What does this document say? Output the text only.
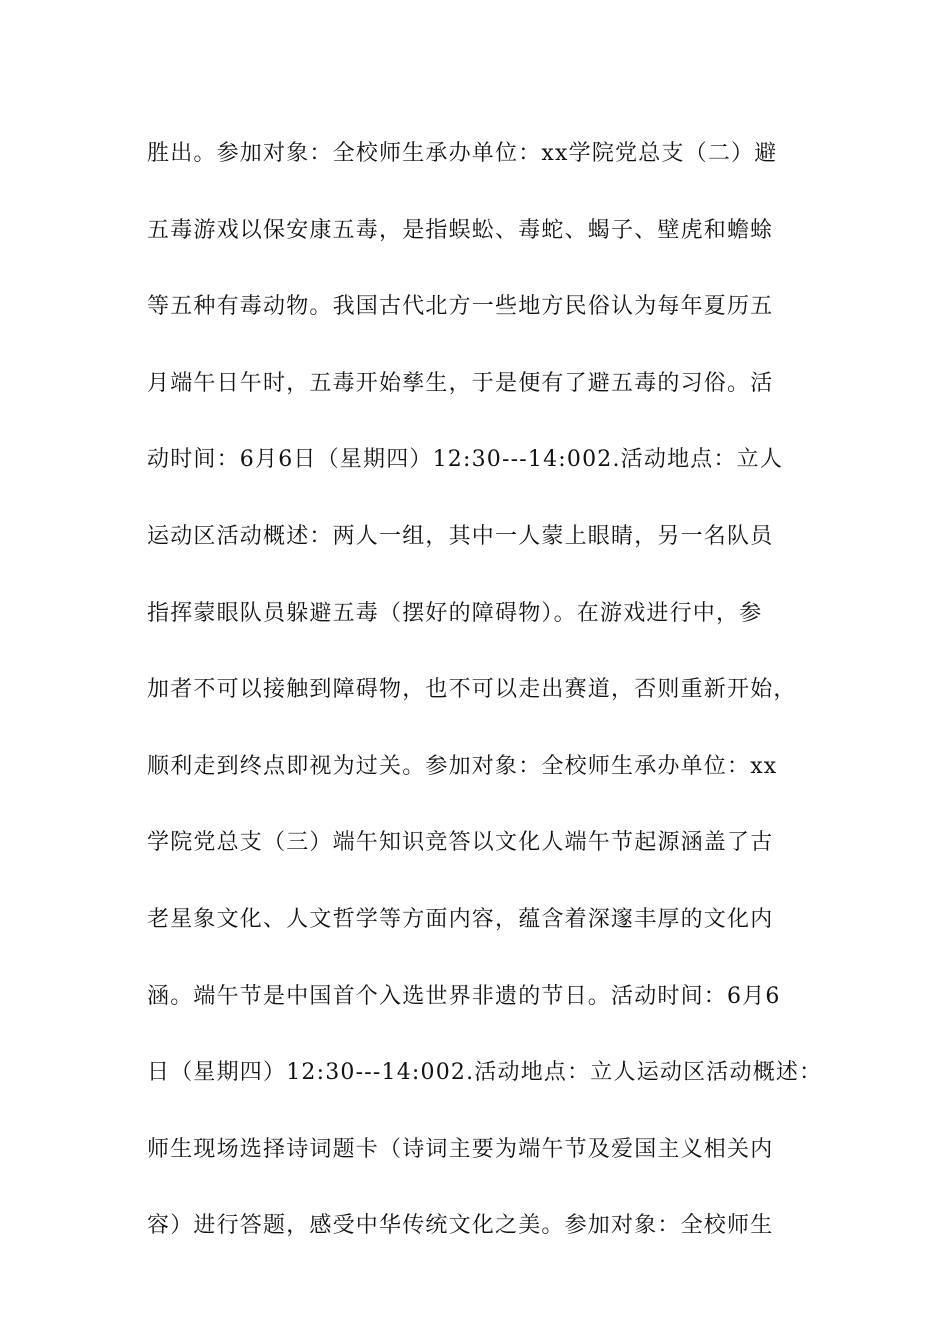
胜出。参加对象：全校师生承办单位：xx学院党总支（二）避
五毒游戏以保安康五毒，是指蜈蚣、毒蛇、蝎子、壁虎和蟾蜍
等五种有毒动物。我国古代北方一些地方民俗认为每年夏历五
月端午日午时，五毒开始孳生，于是便有了避五毒的习俗。活
动时间：6月6日（星期四）12:30---14:002.活动地点：立人
运动区活动概述：两人一组，其中一人蒙上眼睛，另一名队员
指挥蒙眼队员躲避五毒（摆好的障碍物）。在游戏进行中，参
加者不可以接触到障碍物，也不可以走出赛道，否则重新开始，
顺利走到终点即视为过关。参加对象：全校师生承办单位：xx
学院党总支（三）端午知识竞答以文化人端午节起源涵盖了古
老星象文化、人文哲学等方面内容，蕴含着深邃丰厚的文化内
涵。端午节是中国首个入选世界非遗的节日。活动时间：6月6
日（星期四）12:30---14:002.活动地点：立人运动区活动概述：
师生现场选择诗词题卡（诗词主要为端午节及爱国主义相关内
容）进行答题，感受中华传统文化之美。参加对象：全校师生
